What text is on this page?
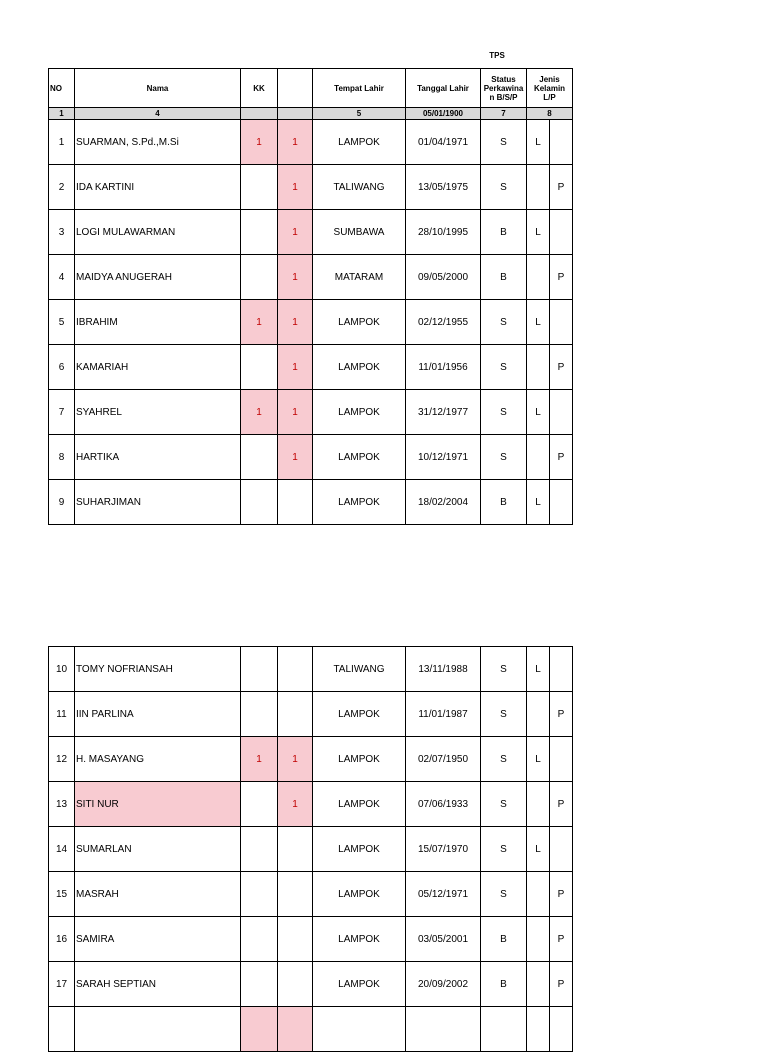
TPS
NO	Nama	KK		Tempat Lahir	Tanggal Lahir	Status Perkawina n B/S/P	Jenis Kelamin L/P	
1	4			5	05/01/1900	7	8	
1	SUARMAN, S.Pd.,M.Si	1	1	LAMPOK	01/04/1971	S	L	
2	IDA KARTINI		1	TALIWANG	13/05/1975	S		P
3	LOGI MULAWARMAN		1	SUMBAWA	28/10/1995	B	L	
4	MAIDYA ANUGERAH		1	MATARAM	09/05/2000	B		P
5	IBRAHIM	1	1	LAMPOK	02/12/1955	S	L	
6	KAMARIAH		1	LAMPOK	11/01/1956	S		P
7	SYAHREL	1	1	LAMPOK	31/12/1977	S	L	
8	HARTIKA		1	LAMPOK	10/12/1971	S		P
9	SUHARJIMAN			LAMPOK	18/02/2004	B	L	
10	TOMY NOFRIANSAH			TALIWANG	13/11/1988	S	L	
11	IIN PARLINA			LAMPOK	11/01/1987	S		P
12	H. MASAYANG	1	1	LAMPOK	02/07/1950	S	L	
13	SITI NUR		1	LAMPOK	07/06/1933	S		P
14	SUMARLAN			LAMPOK	15/07/1970	S	L	
15	MASRAH			LAMPOK	05/12/1971	S		P
16	SAMIRA			LAMPOK	03/05/2001	B		P
17	SARAH SEPTIAN			LAMPOK	20/09/2002	B		P
